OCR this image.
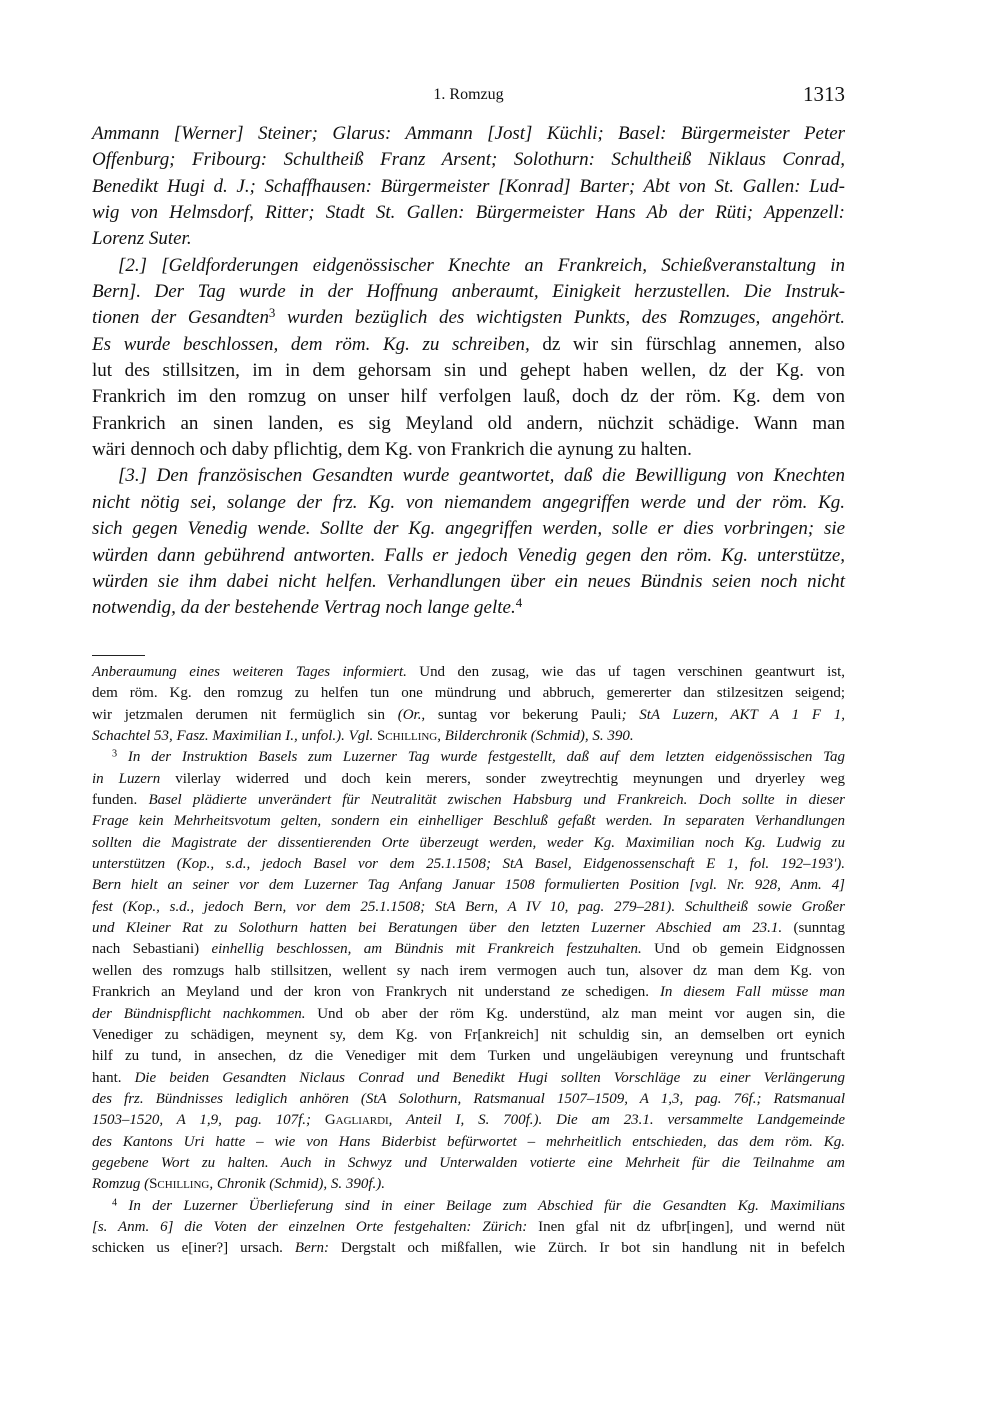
1. Romzug	1313
Ammann [Werner] Steiner; Glarus: Ammann [Jost] Küchli; Basel: Bürgermeister Peter
Offenburg; Fribourg: Schultheiß Franz Arsent; Solothurn: Schultheiß Niklaus Conrad,
Benedikt Hugi d. J.; Schaffhausen: Bürgermeister [Konrad] Barter; Abt von St. Gallen: Lud-
wig von Helmsdorf, Ritter; Stadt St. Gallen: Bürgermeister Hans Ab der Rüti; Appenzell:
Lorenz Suter.
[2.] [Geldforderungen eidgenössischer Knechte an Frankreich, Schießveranstaltung in
Bern]. Der Tag wurde in der Hoffnung anberaumt, Einigkeit herzustellen. Die Instruk-
tionen der Gesandten$^3$ wurden bezüglich des wichtigsten Punkts, des Romzuges, angehört.
Es wurde beschlossen, dem röm. Kg. zu schreiben, dz wir sin fürschlag annemen, also
lut des stillsitzen, im in dem gehorsam sin und gehept haben wellen, dz der Kg. von
Frankrich im den romzug on unser hilf verfolgen lauß, doch dz der röm. Kg. dem von
Frankrich an sinen landen, es sig Meyland old andern, nüchzit schädige. Wann man
wäri dennoch och daby pflichtig, dem Kg. von Frankrich die aynung zu halten.
[3.] Den französischen Gesandten wurde geantwortet, daß die Bewilligung von Knechten
nicht nötig sei, solange der frz. Kg. von niemandem angegriffen werde und der röm. Kg.
sich gegen Venedig wende. Sollte der Kg. angegriffen werden, solle er dies vorbringen; sie
würden dann gebührend antworten. Falls er jedoch Venedig gegen den röm. Kg. unterstütze,
würden sie ihm dabei nicht helfen. Verhandlungen über ein neues Bündnis seien noch nicht
notwendig, da der bestehende Vertrag noch lange gelte.$^4$
Anberaumung eines weiteren Tages informiert. Und den zusag, wie das uf tagen verschinen geantwurt ist,
dem röm. Kg. den romzug zu helfen tun one mündrung und abbruch, gemererter dan stilzesitzen seigend;
wir jetzmalen derumen nit fermüglich sin (Or., suntag vor bekerung Pauli; StA Luzern, AKT A 1 F 1,
Schachtel 53, Fasz. Maximilian I., unfol.). Vgl. Schilling, Bilderchronik (Schmid), S. 390.
$^3$ In der Instruktion Basels zum Luzerner Tag wurde festgestellt, daß auf dem letzten eidgenössischen Tag
in Luzern vilerlay widerred und doch kein merers, sonder zweytrechtig meynungen und dryerley weg
funden. Basel plädierte unverändert für Neutralität zwischen Habsburg und Frankreich. Doch sollte in dieser
Frage kein Mehrheitsvotum gelten, sondern ein einhelliger Beschluß gefaßt werden. In separaten Verhandlungen
sollten die Magistrate der dissentierenden Orte überzeugt werden, weder Kg. Maximilian noch Kg. Ludwig zu
unterstützen (Kop., s.d., jedoch Basel vor dem 25.1.1508; StA Basel, Eidgenossenschaft E 1, fol. 192–193').
Bern hielt an seiner vor dem Luzerner Tag Anfang Januar 1508 formulierten Position [vgl. Nr. 928, Anm. 4]
fest (Kop., s.d., jedoch Bern, vor dem 25.1.1508; StA Bern, A IV 10, pag. 279–281). Schultheiß sowie Großer
und Kleiner Rat zu Solothurn hatten bei Beratungen über den letzten Luzerner Abschied am 23.1. (sunntag
nach Sebastiani) einhellig beschlossen, am Bündnis mit Frankreich festzuhalten. Und ob gemein Eidgnossen
wellen des romzugs halb stillsitzen, wellent sy nach irem vermogen auch tun, alsover dz man dem Kg. von
Frankrich an Meyland und der kron von Frankrych nit understand ze schedigen. In diesem Fall müsse man
der Bündnispflicht nachkommen. Und ob aber der röm Kg. understünd, alz man meint vor augen sin, die
Venediger zu schädigen, meynent sy, dem Kg. von Fr[ankreich] nit schuldig sin, an demselben ort eynich
hilf zu tund, in ansechen, dz die Venediger mit dem Turken und ungeläubigen vereynung und fruntschaft
hant. Die beiden Gesandten Niclaus Conrad und Benedikt Hugi sollten Vorschläge zu einer Verlängerung
des frz. Bündnisses lediglich anhören (StA Solothurn, Ratsmanual 1507–1509, A 1,3, pag. 76f.; Ratsmanual
1503–1520, A 1,9, pag. 107f.; Gagliardi, Anteil I, S. 700f.). Die am 23.1. versammelte Landgemeinde
des Kantons Uri hatte – wie von Hans Biderbist befürwortet – mehrheitlich entschieden, das dem röm. Kg.
gegebene Wort zu halten. Auch in Schwyz und Unterwalden votierte eine Mehrheit für die Teilnahme am
Romzug (Schilling, Chronik (Schmid), S. 390f.).
$^4$ In der Luzerner Überlieferung sind in einer Beilage zum Abschied für die Gesandten Kg. Maximilians
[s. Anm. 6] die Voten der einzelnen Orte festgehalten: Zürich: Inen gfal nit dz ufbr[ingen], und wernd nüt
schicken us e[iner?] ursach. Bern: Dergstalt och mißfallen, wie Zürch. Ir bot sin handlung nit in befelch
